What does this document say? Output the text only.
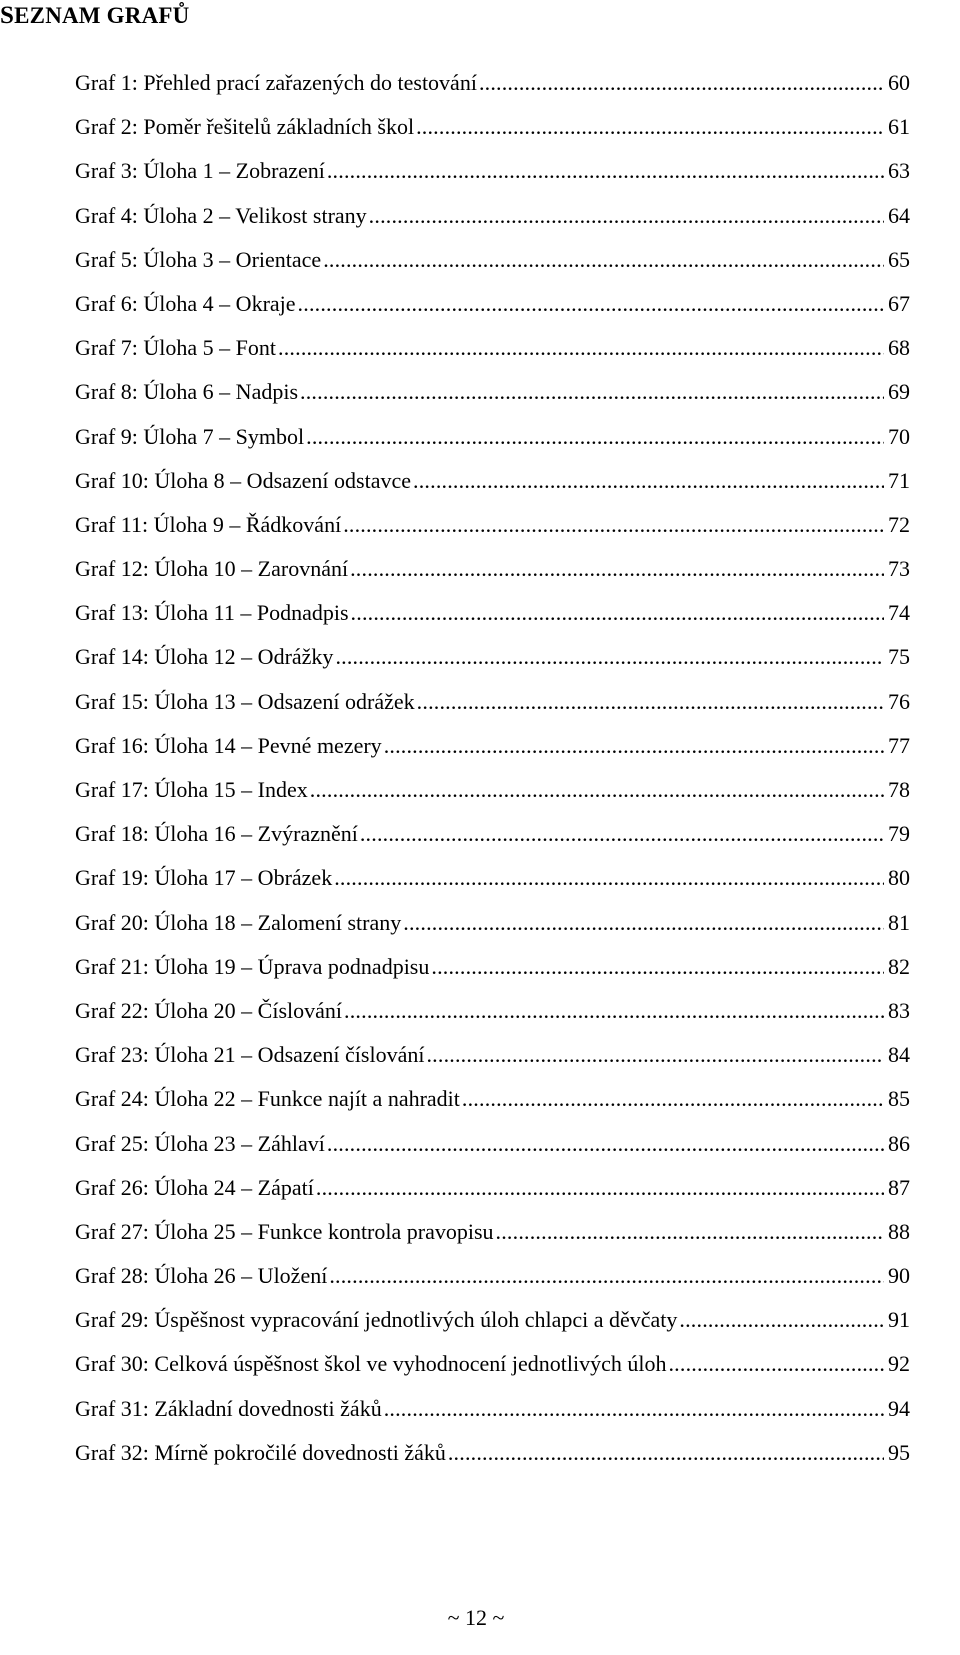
SEZNAM GRAFŮ
Graf 1: Přehled prací zařazených do testování .....	60
Graf 2: Poměr řešitelů základních škol .....	61
Graf 3: Úloha 1 – Zobrazení .....	63
Graf 4: Úloha 2 – Velikost strany .....	64
Graf 5: Úloha 3 – Orientace .....	65
Graf 6: Úloha 4 – Okraje .....	67
Graf 7: Úloha 5 – Font .....	68
Graf 8: Úloha 6 – Nadpis .....	69
Graf 9: Úloha 7 – Symbol .....	70
Graf 10: Úloha 8 – Odsazení odstavce .....	71
Graf 11: Úloha 9 – Řádkování .....	72
Graf 12: Úloha 10 – Zarovnání .....	73
Graf 13: Úloha 11 – Podnadpis .....	74
Graf 14: Úloha 12 – Odrážky .....	75
Graf 15: Úloha 13 – Odsazení odrážek .....	76
Graf 16: Úloha 14 – Pevné mezery .....	77
Graf 17: Úloha 15 – Index .....	78
Graf 18: Úloha 16 – Zvýraznění .....	79
Graf 19: Úloha 17 – Obrázek .....	80
Graf 20: Úloha 18 – Zalomení strany .....	81
Graf 21: Úloha 19 – Úprava podnadpisu .....	82
Graf 22: Úloha 20 – Číslování .....	83
Graf 23: Úloha 21 – Odsazení číslování .....	84
Graf 24: Úloha 22 – Funkce najít a nahradit .....	85
Graf 25: Úloha 23 – Záhlaví .....	86
Graf 26: Úloha 24 – Zápatí .....	87
Graf 27: Úloha 25 – Funkce kontrola pravopisu .....	88
Graf 28: Úloha 26 – Uložení .....	90
Graf 29: Úspěšnost vypracování jednotlivých úloh chlapci a děvčaty .....	91
Graf 30: Celková úspěšnost škol ve vyhodnocení jednotlivých úloh .....	92
Graf 31: Základní dovednosti žáků .....	94
Graf 32: Mírně pokročilé dovednosti žáků .....	95
~ 12 ~
